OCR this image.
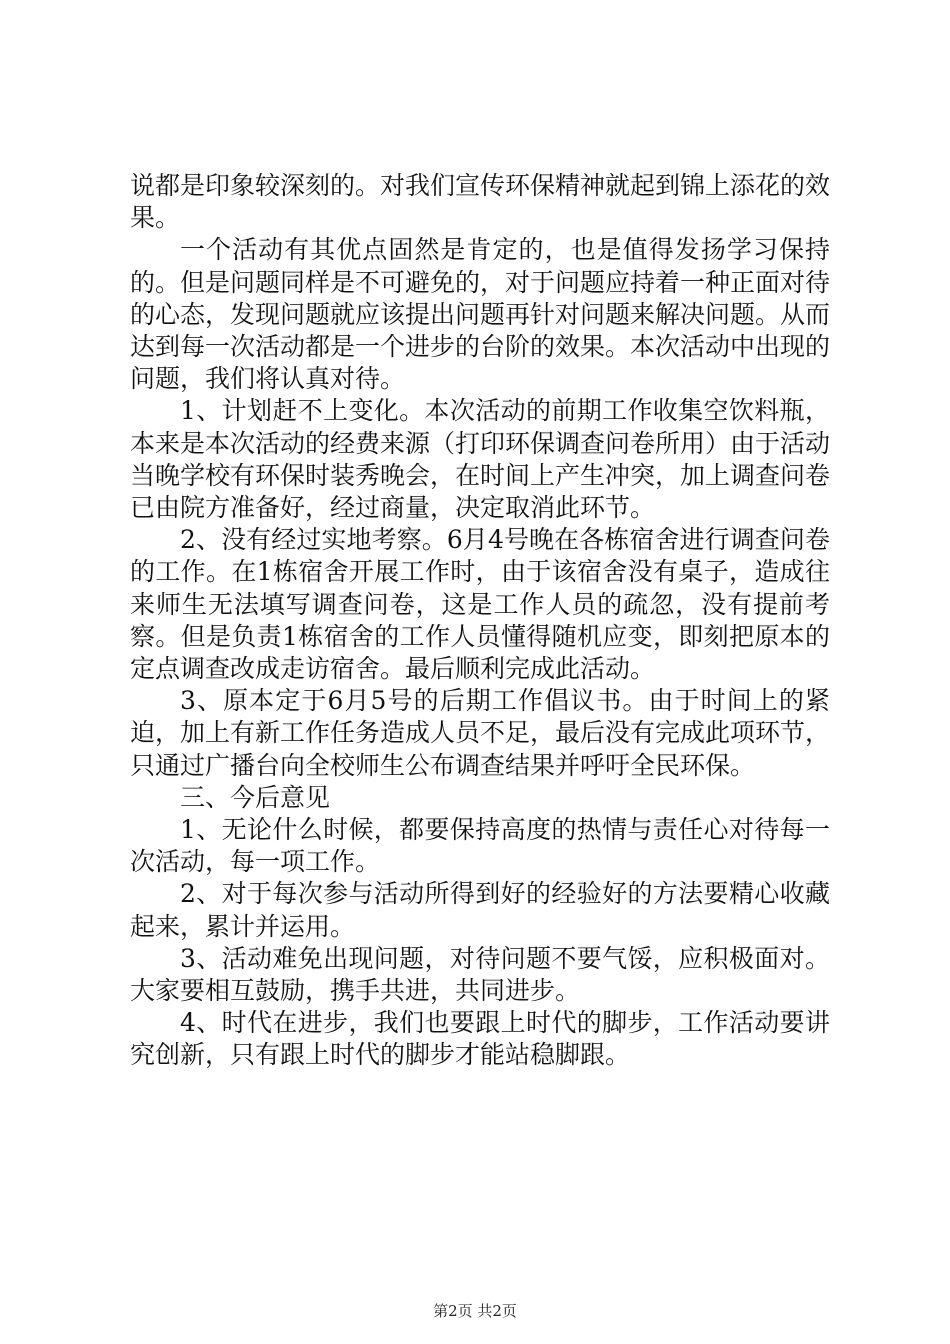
说都是印象较深刻的。对我们宣传环保精神就起到锦上添花的效果。

一个活动有其优点固然是肯定的，也是值得发扬学习保持的。但是问题同样是不可避免的，对于问题应持着一种正面对待的心态，发现问题就应该提出问题再针对问题来解决问题。从而达到每一次活动都是一个进步的台阶的效果。本次活动中出现的问题，我们将认真对待。

1、计划赶不上变化。本次活动的前期工作收集空饮料瓶，本来是本次活动的经费来源（打印环保调查问卷所用）由于活动当晚学校有环保时装秀晚会，在时间上产生冲突，加上调查问卷已由院方准备好，经过商量，决定取消此环节。

2、没有经过实地考察。6月4号晚在各栋宿舍进行调查问卷的工作。在1栋宿舍开展工作时，由于该宿舍没有桌子，造成往来师生无法填写调查问卷，这是工作人员的疏忽，没有提前考察。但是负责1栋宿舍的工作人员懂得随机应变，即刻把原本的定点调查改成走访宿舍。最后顺利完成此活动。

3、原本定于6月5号的后期工作倡议书。由于时间上的紧迫，加上有新工作任务造成人员不足，最后没有完成此项环节，只通过广播台向全校师生公布调查结果并呼吁全民环保。

三、今后意见

1、无论什么时候，都要保持高度的热情与责任心对待每一次活动，每一项工作。

2、对于每次参与活动所得到好的经验好的方法要精心收藏起来，累计并运用。

3、活动难免出现问题，对待问题不要气馁，应积极面对。大家要相互鼓励，携手共进，共同进步。

4、时代在进步，我们也要跟上时代的脚步，工作活动要讲究创新，只有跟上时代的脚步才能站稳脚跟。

第2页 共2页
